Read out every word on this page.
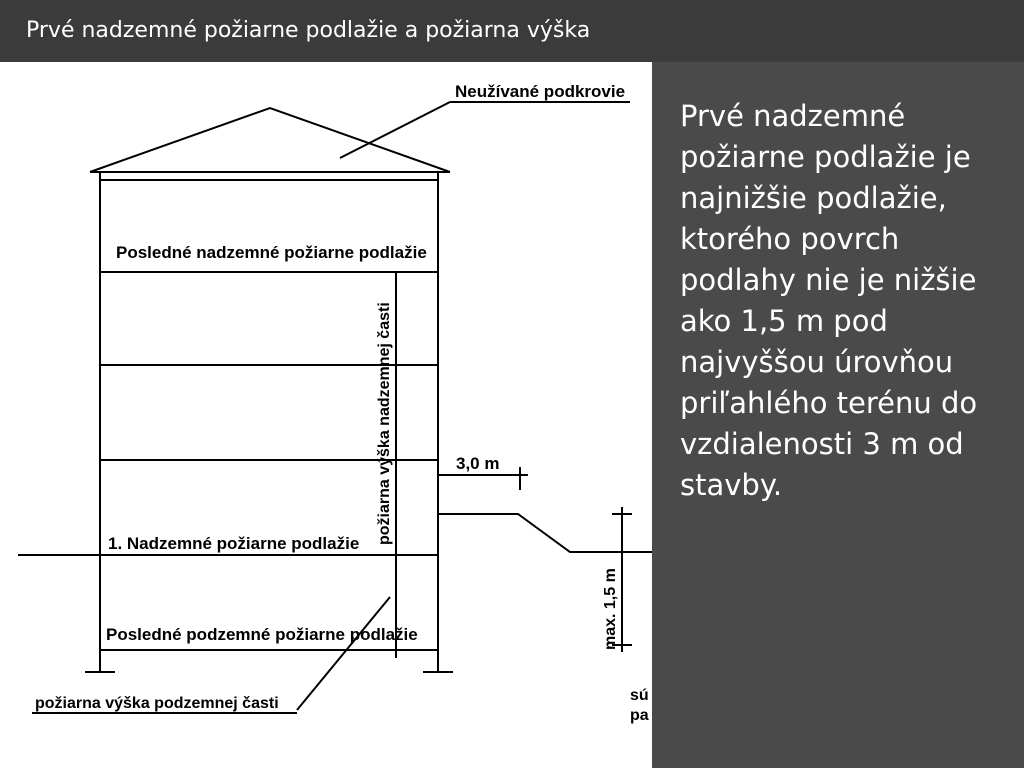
Prvé nadzemné požiarne podlažie a požiarna výška
Neužívané podkrovie
Posledné nadzemné požiarne podlažie
požiarna výška nadzemnej časti	3,0 m
1. Nadzemné požiarne podlažie
max. 1,5 m
Posledné podzemné požiarne podlažie
požiarna výška podzemnej časti	sú
pa
Prvé nadzemné požiarne podlažie je najnižšie podlažie, ktorého povrch podlahy nie je nižšie ako 1,5 m pod najvyššou úrovňou priľahlého terénu do vzdialenosti 3 m od stavby.
